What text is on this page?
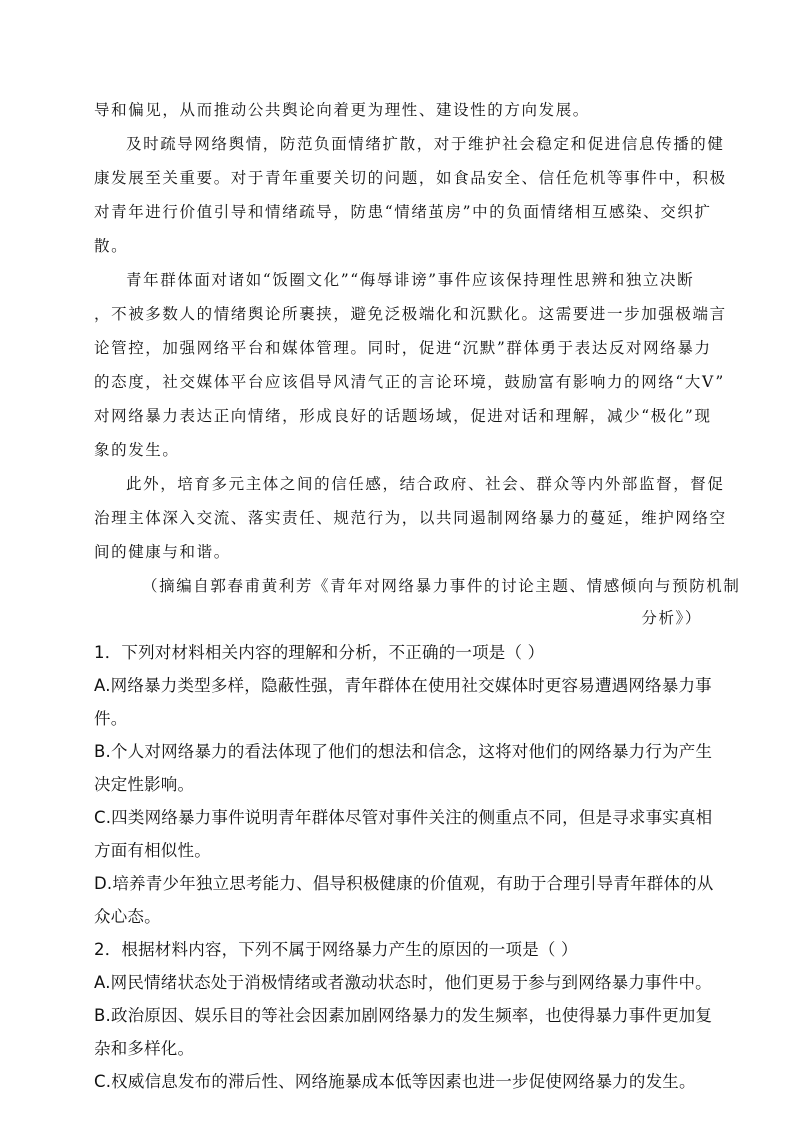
导和偏见，从而推动公共舆论向着更为理性、建设性的方向发展。

及时疏导网络舆情，防范负面情绪扩散，对于维护社会稳定和促进信息传播的健

康发展至关重要。对于青年重要关切的问题，如食品安全、信任危机等事件中，积极

对青年进行价值引导和情绪疏导，防患“情绪茧房”中的负面情绪相互感染、交织扩

散。

青年群体面对诸如“饭圈文化”“侮辱诽谤”事件应该保持理性思辨和独立决断

，不被多数人的情绪舆论所裹挟，避免泛极端化和沉默化。这需要进一步加强极端言

论管控，加强网络平台和媒体管理。同时，促进“沉默”群体勇于表达反对网络暴力

的态度，社交媒体平台应该倡导风清气正的言论环境，鼓励富有影响力的网络“大V”

对网络暴力表达正向情绪，形成良好的话题场域，促进对话和理解，减少“极化”现

象的发生。

此外，培育多元主体之间的信任感，结合政府、社会、群众等内外部监督，督促

治理主体深入交流、落实责任、规范行为，以共同遏制网络暴力的蔓延，维护网络空

间的健康与和谐。

（摘编自郭春甫黄利芳《青年对网络暴力事件的讨论主题、情感倾向与预防机制

分析》）

1．下列对材料相关内容的理解和分析，不正确的一项是（ ）

A.网络暴力类型多样，隐蔽性强，青年群体在使用社交媒体时更容易遭遇网络暴力事

件。

B.个人对网络暴力的看法体现了他们的想法和信念，这将对他们的网络暴力行为产生

决定性影响。

C.四类网络暴力事件说明青年群体尽管对事件关注的侧重点不同，但是寻求事实真相

方面有相似性。

D.培养青少年独立思考能力、倡导积极健康的价值观，有助于合理引导青年群体的从

众心态。

2．根据材料内容，下列不属于网络暴力产生的原因的一项是（ ）

A.网民情绪状态处于消极情绪或者激动状态时，他们更易于参与到网络暴力事件中。

B.政治原因、娱乐目的等社会因素加剧网络暴力的发生频率，也使得暴力事件更加复

杂和多样化。

C.权威信息发布的滞后性、网络施暴成本低等因素也进一步促使网络暴力的发生。
